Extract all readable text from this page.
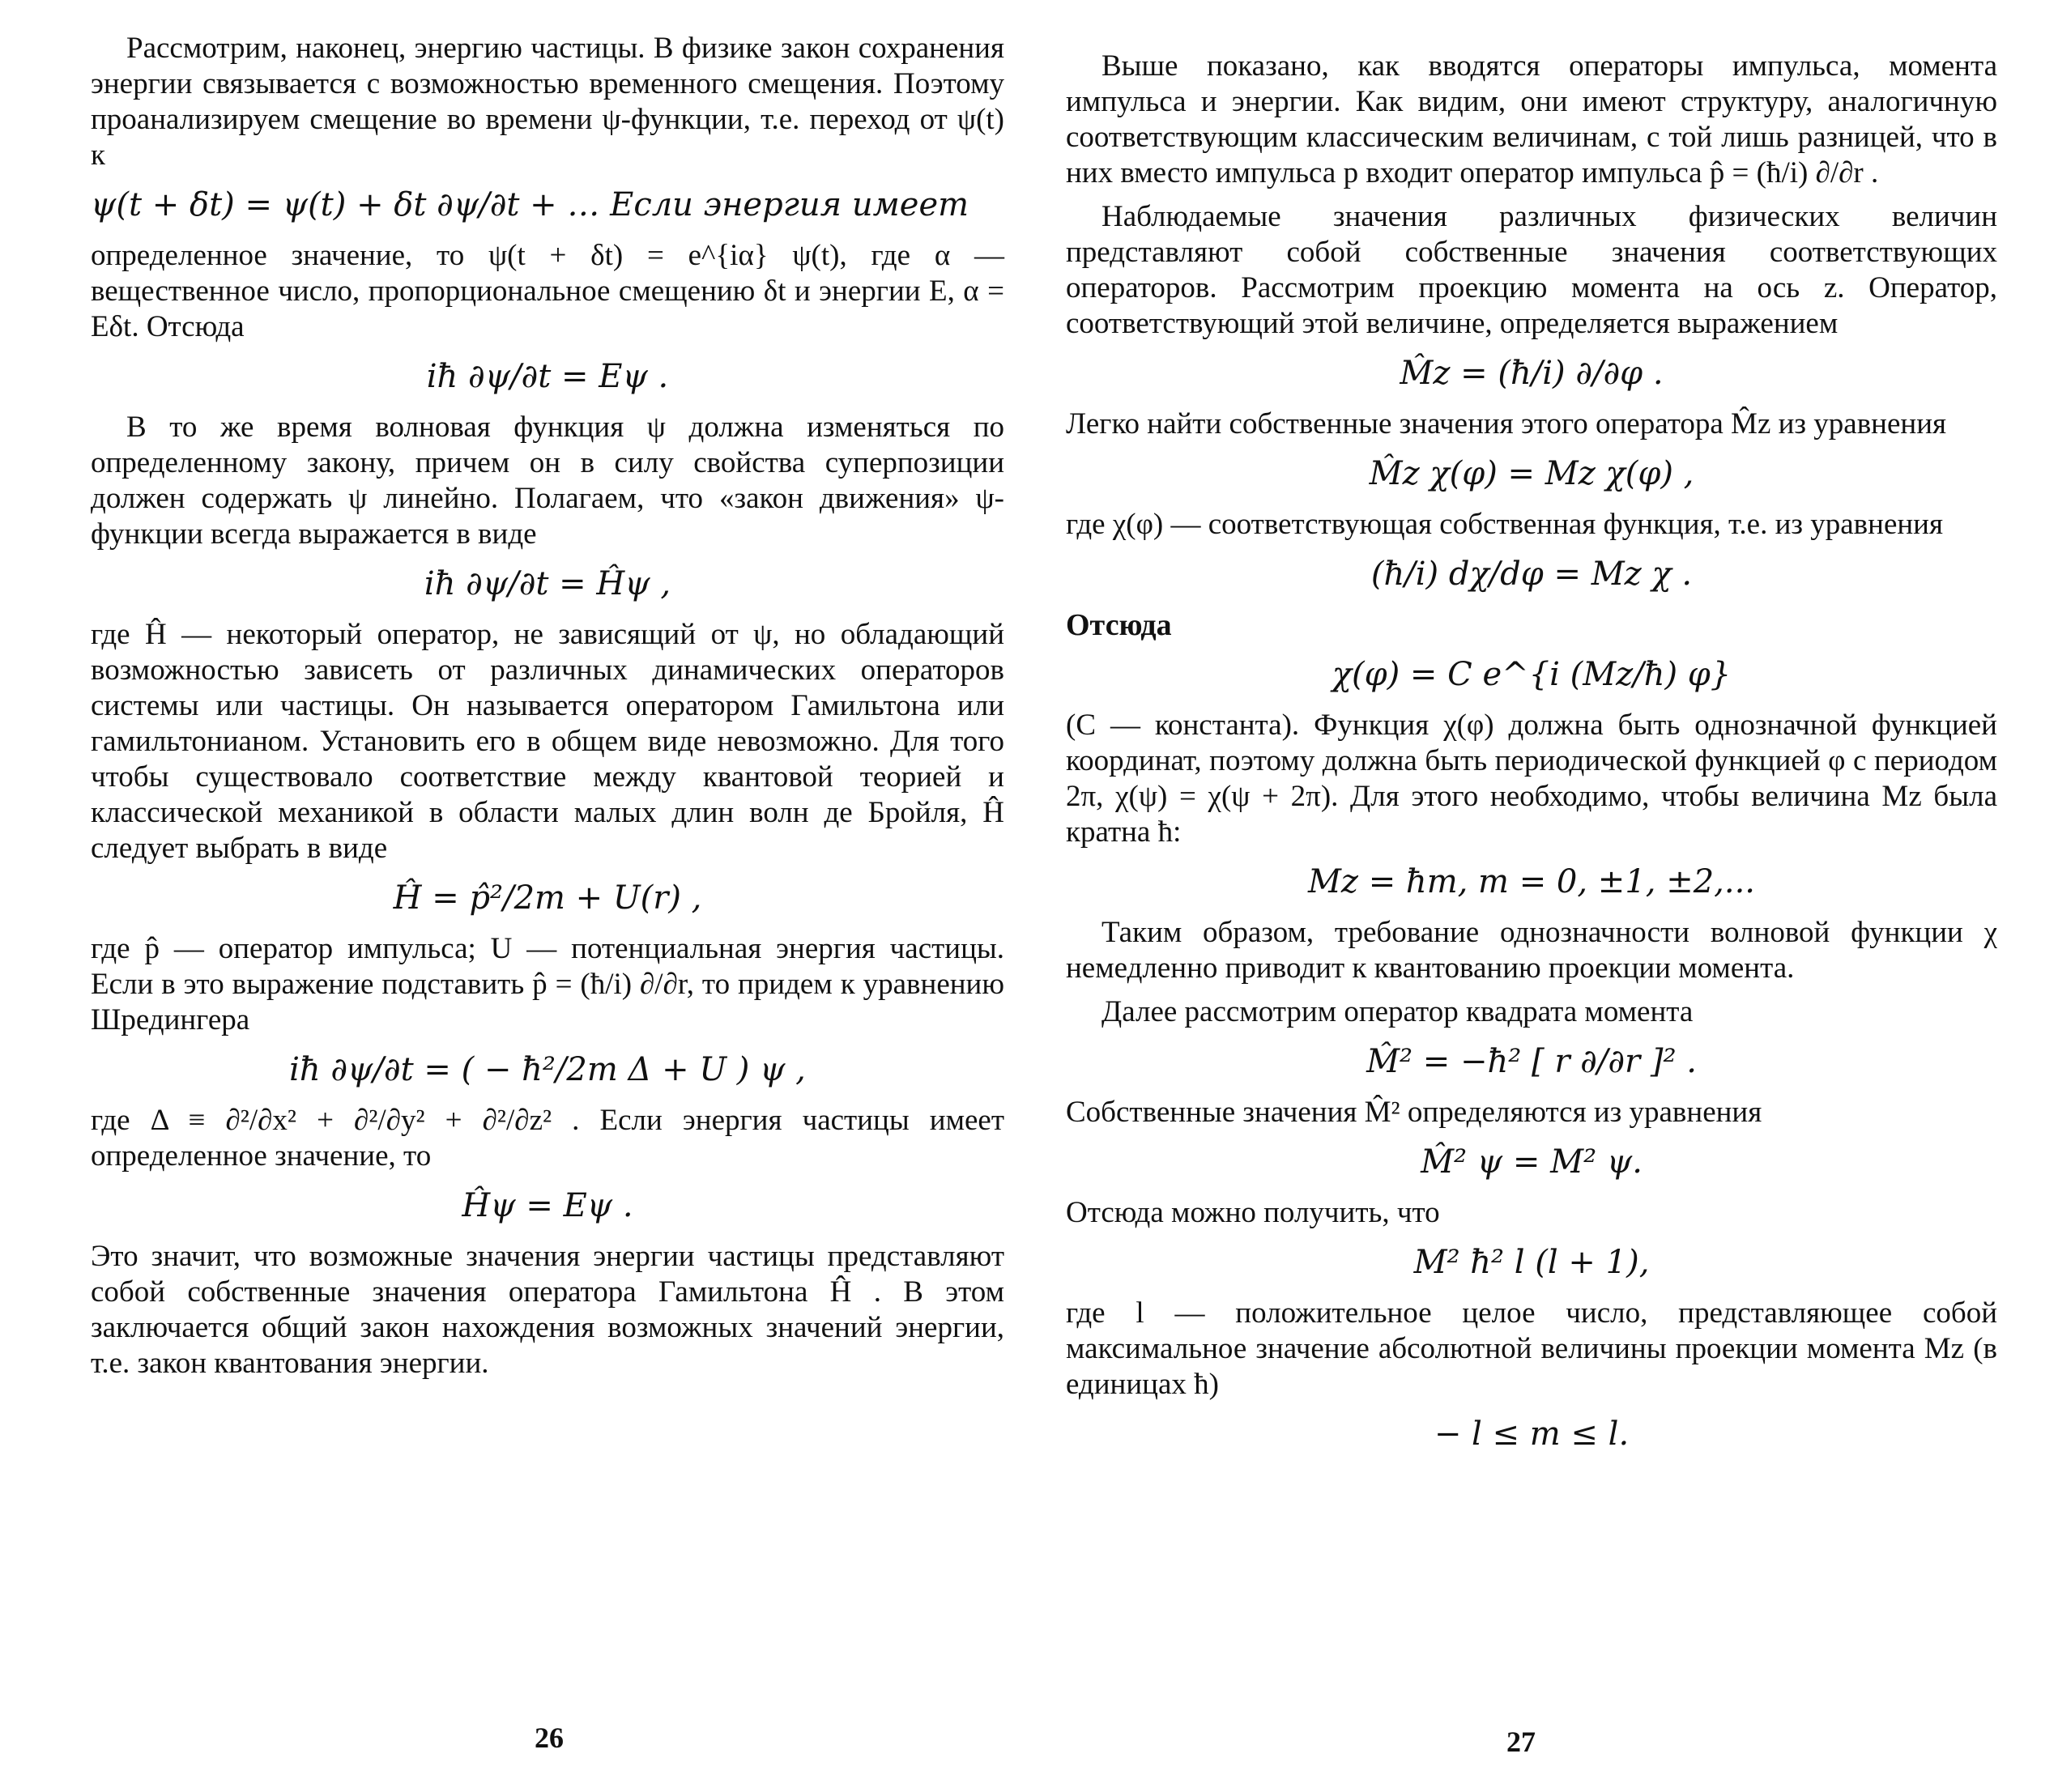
Рассмотрим, наконец, энергию частицы. В физике закон сохранения энергии связывается с возможностью временного смещения. Поэтому проанализируем смещение во времени ψ-функции, т.е. переход от ψ(t) к

ψ(t + δt) = ψ(t) + δt ∂ψ/∂t + … Если энергия имеет

определенное значение, то ψ(t + δt) = e^{iα} ψ(t), где α — вещественное число, пропорциональное смещению δt и энергии E, α = Eδt. Отсюда

iħ ∂ψ/∂t = Eψ .

В то же время волновая функция ψ должна изменяться по определенному закону, причем он в силу свойства суперпозиции должен содержать ψ линейно. Полагаем, что «закон движения» ψ- функции всегда выражается в виде

iħ ∂ψ/∂t = Ĥψ ,

где Ĥ — некоторый оператор, не зависящий от ψ, но обладающий возможностью зависеть от различных динамических операторов системы или частицы. Он называется оператором Гамильтона или гамильтонианом. Установить его в общем виде невозможно. Для того чтобы существовало соответствие между квантовой теорией и классической механикой в области малых длин волн де Бройля, Ĥ следует выбрать в виде

Ĥ = p̂²/2m + U(r) ,

где p̂ — оператор импульса; U — потенциальная энергия частицы. Если в это выражение подставить p̂ = (ħ/i) ∂/∂r, то придем к уравнению Шредингера

iħ ∂ψ/∂t = ( − ħ²/2m Δ + U ) ψ ,

где Δ ≡ ∂²/∂x² + ∂²/∂y² + ∂²/∂z² . Если энергия частицы имеет определенное значение, то

Ĥψ = Eψ .

Это значит, что возможные значения энергии частицы представляют собой собственные значения оператора Гамильтона Ĥ . В этом заключается общий закон нахождения возможных значений энергии, т.е. закон квантования энергии.

26

Выше показано, как вводятся операторы импульса, момента импульса и энергии. Как видим, они имеют структуру, аналогичную соответствующим классическим величинам, с той лишь разницей, что в них вместо импульса p входит оператор импульса p̂ = (ħ/i) ∂/∂r .

Наблюдаемые значения различных физических величин представляют собой собственные значения соответствующих операторов. Рассмотрим проекцию момента на ось z. Оператор, соответствующий этой величине, определяется выражением

M̂z = (ħ/i) ∂/∂φ .

Легко найти собственные значения этого оператора M̂z из уравнения

M̂z χ(φ) = Mz χ(φ) ,

где χ(φ) — соответствующая собственная функция, т.е. из уравнения

(ħ/i) dχ/dφ = Mz χ .

Отсюда

χ(φ) = C e^{i (Mz/ħ) φ}

(C — константа). Функция χ(φ) должна быть однозначной функцией координат, поэтому должна быть периодической функцией φ с периодом 2π, χ(ψ) = χ(ψ + 2π). Для этого необходимо, чтобы величина Mz была кратна ħ:

Mz = ħm, m = 0, ±1, ±2,...

Таким образом, требование однозначности волновой функции χ немедленно приводит к квантованию проекции момента.

Далее рассмотрим оператор квадрата момента

M̂² = −ħ² [ r ∂/∂r ]² .

Собственные значения M̂² определяются из уравнения

M̂² ψ = M² ψ.

Отсюда можно получить, что

M² ħ² l (l + 1),

где l — положительное целое число, представляющее собой максимальное значение абсолютной величины проекции момента Mz (в единицах ħ)

− l ≤ m ≤ l.
27
